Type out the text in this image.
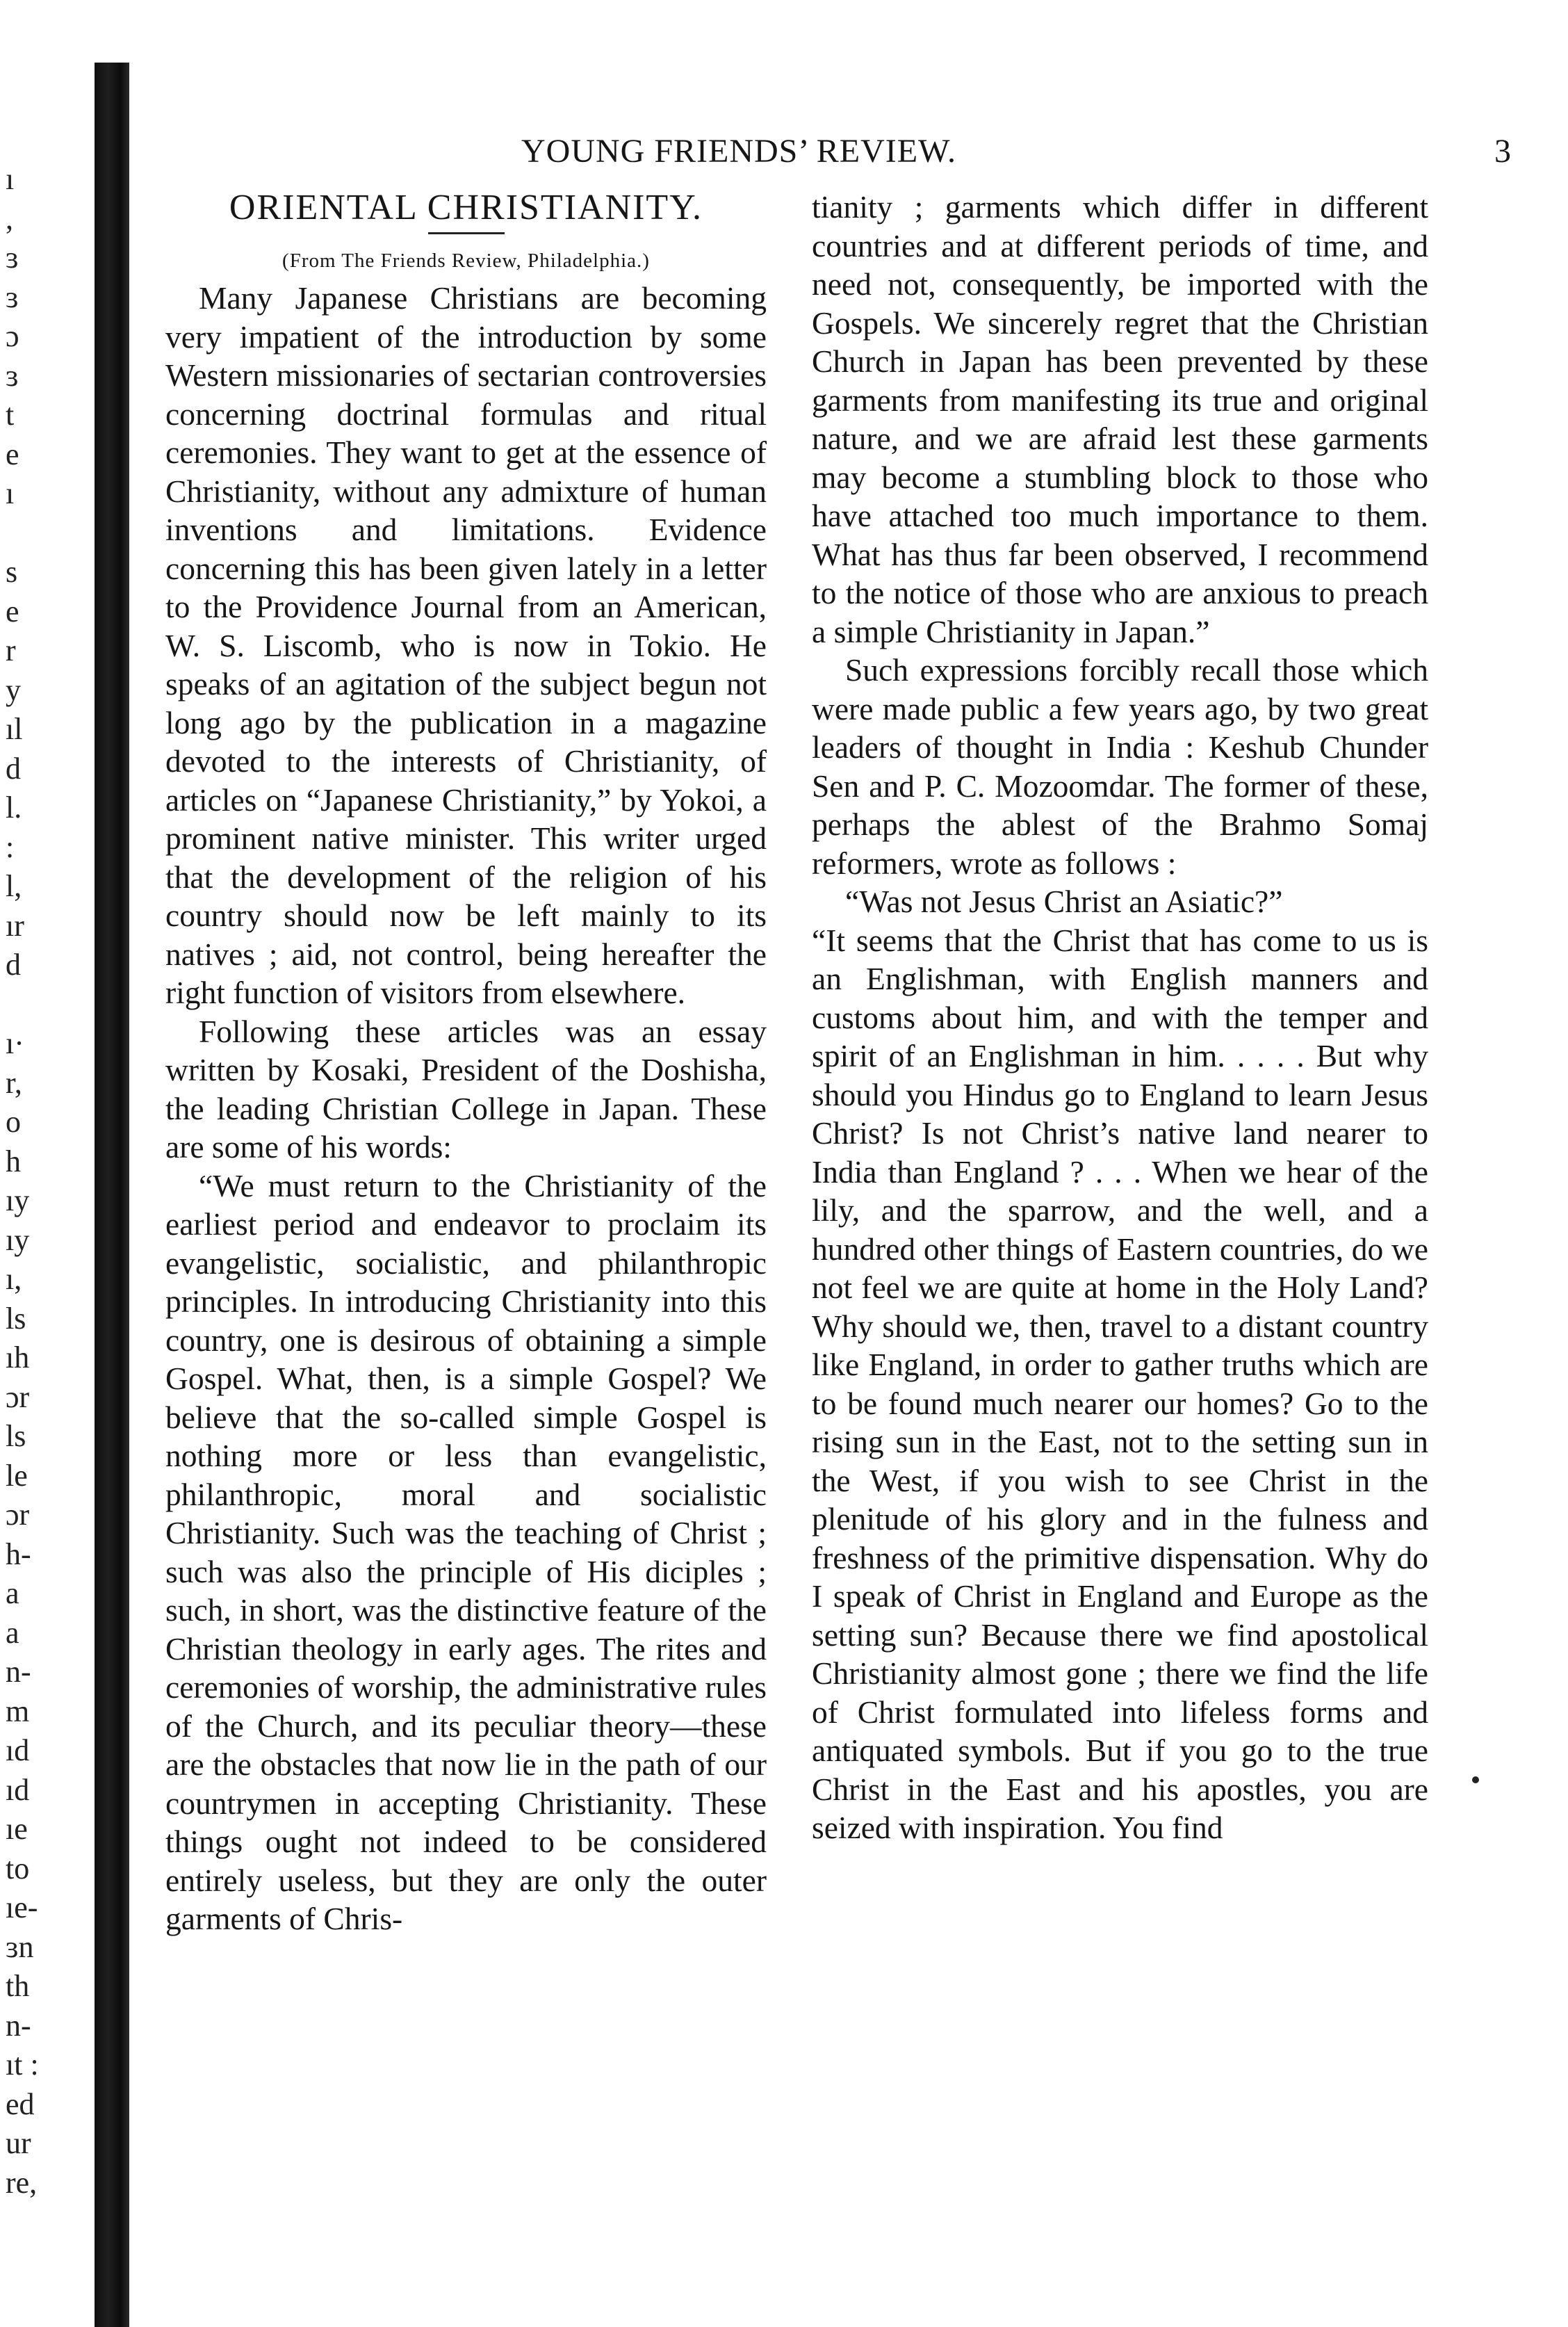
ı
,
ɜ
ɜ
ɔ
ɜ
t
e
ı
s
e
r
y
ıl
d
l.
:
l,
ır
d
ı·
r,
o
h
ıy
ıy
ı,
ls
ıh
ɔr
ls
le
ɔr
h-
a
a
n-
m
ıd
ıd
ıe
to
ıe-
ɜn
th
n-
ıt :
ed
ur
re,
YOUNG FRIENDS’ REVIEW.	3
ORIENTAL CHRISTIANITY.
(From The Friends Review, Philadelphia.)

Many Japanese Christians are becoming very impatient of the introduction by some Western missionaries of sectarian controversies concerning doctrinal formulas and ritual ceremonies. They want to get at the essence of Christianity, without any admixture of human inventions and limitations. Evidence concerning this has been given lately in a letter to the Providence Journal from an American, W. S. Liscomb, who is now in Tokio. He speaks of an agitation of the subject begun not long ago by the publication in a magazine devoted to the interests of Christianity, of articles on “Japanese Christianity,” by Yokoi, a prominent native minister. This writer urged that the development of the religion of his country should now be left mainly to its natives ; aid, not control, being hereafter the right function of visitors from elsewhere.

Following these articles was an essay written by Kosaki, President of the Doshisha, the leading Christian College in Japan. These are some of his words:

“We must return to the Christianity of the earliest period and endeavor to proclaim its evangelistic, socialistic, and philanthropic principles. In introducing Christianity into this country, one is desirous of obtaining a simple Gospel. What, then, is a simple Gospel? We believe that the so-called simple Gospel is nothing more or less than evangelistic, philanthropic, moral and socialistic Christianity. Such was the teaching of Christ ; such was also the principle of His diciples ; such, in short, was the distinctive feature of the Christian theology in early ages. The rites and ceremonies of worship, the administrative rules of the Church, and its peculiar theory—these are the obstacles that now lie in the path of our countrymen in accepting Christianity. These things ought not indeed to be considered entirely useless, but they are only the outer garments of Chris-

tianity ; garments which differ in different countries and at different periods of time, and need not, consequently, be imported with the Gospels. We sincerely regret that the Christian Church in Japan has been prevented by these garments from manifesting its true and original nature, and we are afraid lest these garments may become a stumbling block to those who have attached too much importance to them. What has thus far been observed, I recommend to the notice of those who are anxious to preach a simple Christianity in Japan.”

Such expressions forcibly recall those which were made public a few years ago, by two great leaders of thought in India : Keshub Chunder Sen and P. C. Mozoomdar. The former of these, perhaps the ablest of the Brahmo Somaj reformers, wrote as follows :

“Was not Jesus Christ an Asiatic?”

“It seems that the Christ that has come to us is an Englishman, with English manners and customs about him, and with the temper and spirit of an Englishman in him. . . . . But why should you Hindus go to England to learn Jesus Christ? Is not Christ’s native land nearer to India than England ? . . . When we hear of the lily, and the sparrow, and the well, and a hundred other things of Eastern countries, do we not feel we are quite at home in the Holy Land? Why should we, then, travel to a distant country like England, in order to gather truths which are to be found much nearer our homes? Go to the rising sun in the East, not to the setting sun in the West, if you wish to see Christ in the plenitude of his glory and in the fulness and freshness of the primitive dispensation. Why do I speak of Christ in England and Europe as the setting sun? Because there we find apostolical Christianity almost gone ; there we find the life of Christ formulated into lifeless forms and antiquated symbols. But if you go to the true Christ in the East and his apostles, you are seized with inspiration. You find
